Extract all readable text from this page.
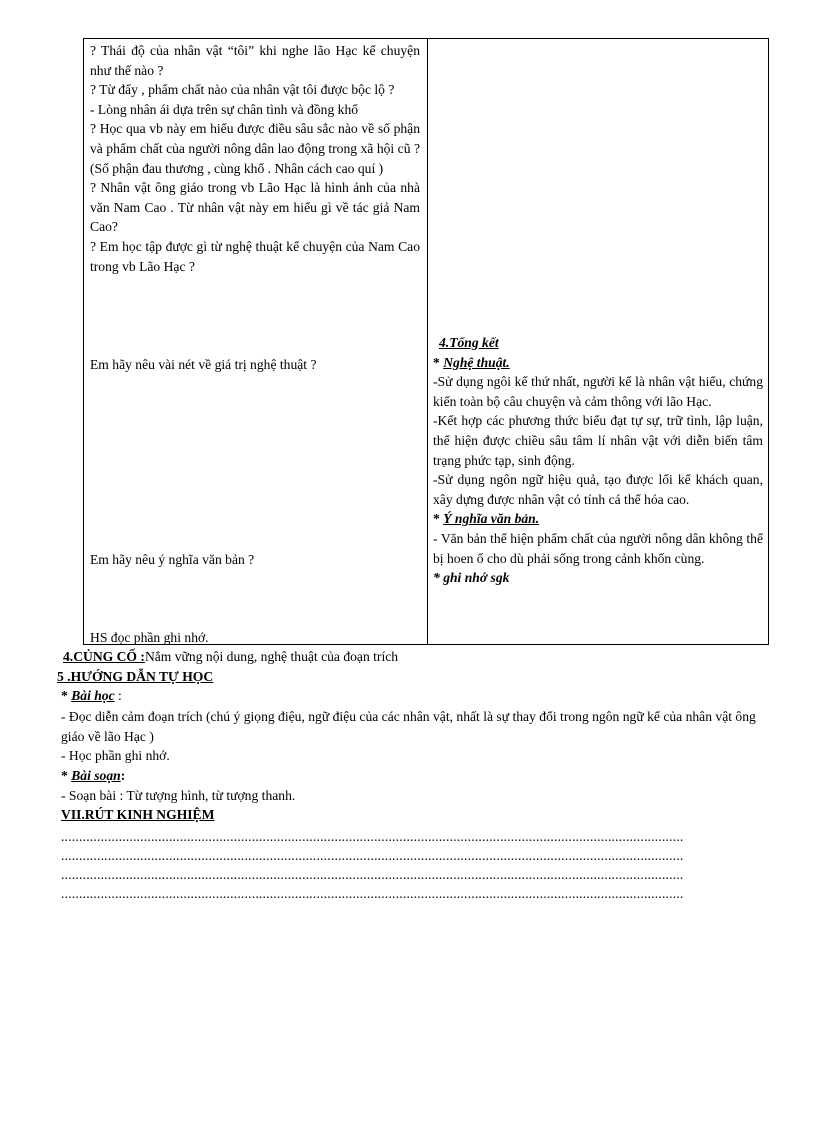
? Thái độ của nhân vật “tôi” khi nghe lão Hạc kể chuyện như thế nào ?
? Từ đấy , phẩm chất nào của nhân vật tôi được bộc lộ ?
- Lòng nhân ái dựa trên sự chân tình và đồng khổ
? Học qua vb này em hiểu được điều sâu sắc nào về số phận và phẩm chất của người nông dân lao động trong xã hội cũ ? (Số phận đau thương , cùng khổ . Nhân cách cao quí )
? Nhân vật ông giáo trong vb Lão Hạc là hình ảnh của nhà văn Nam Cao . Từ nhân vật này em hiểu gì về tác giả Nam Cao?
? Em học tập được gì từ nghệ thuật kể chuyện của Nam Cao trong vb Lão Hạc ?
Em hãy nêu vài nét về giá trị nghệ thuật ?
Em hãy nêu ý nghĩa văn bản ?
HS đọc phần ghi nhớ.
4.Tổng kết
* Nghệ thuật.
-Sử dụng ngôi kể thứ nhất, người kể là nhân vật hiểu, chứng kiến toàn bộ câu chuyện và cảm thông với lão Hạc.
-Kết hợp các phương thức biểu đạt tự sự, trữ tình, lập luận, thể hiện được chiều sâu tâm lí nhân vật với diễn biến tâm trạng phức tạp, sinh động.
-Sử dụng ngôn ngữ hiệu quả, tạo được lối kể khách quan, xây dựng được nhân vật có tính cá thể hóa cao.
* Ý nghĩa văn bản.
- Văn bản thể hiện phẩm chất của người nông dân không thể bị hoen ố cho dù phải sống trong cảnh khốn cùng.
* ghi nhớ sgk
4.CỦNG CỐ :Nắm vững nội dung, nghệ thuật của đoạn trích
5 .HƯỚNG DẪN TỰ HỌC
* Bài học :
- Đọc diễn cảm đoạn trích (chú ý giọng điệu, ngữ điệu của các nhân vật, nhất là sự thay đổi trong ngôn ngữ kể của nhân vật ông giáo về lão Hạc )
- Học phần ghi nhớ.
* Bài soạn:
- Soạn bài : Từ tượng hình, từ tượng thanh.
VII.RÚT KINH NGHIỆM
.............................................................................................................................................................................
.............................................................................................................................................................................
.............................................................................................................................................................................
.............................................................................................................................................................................
